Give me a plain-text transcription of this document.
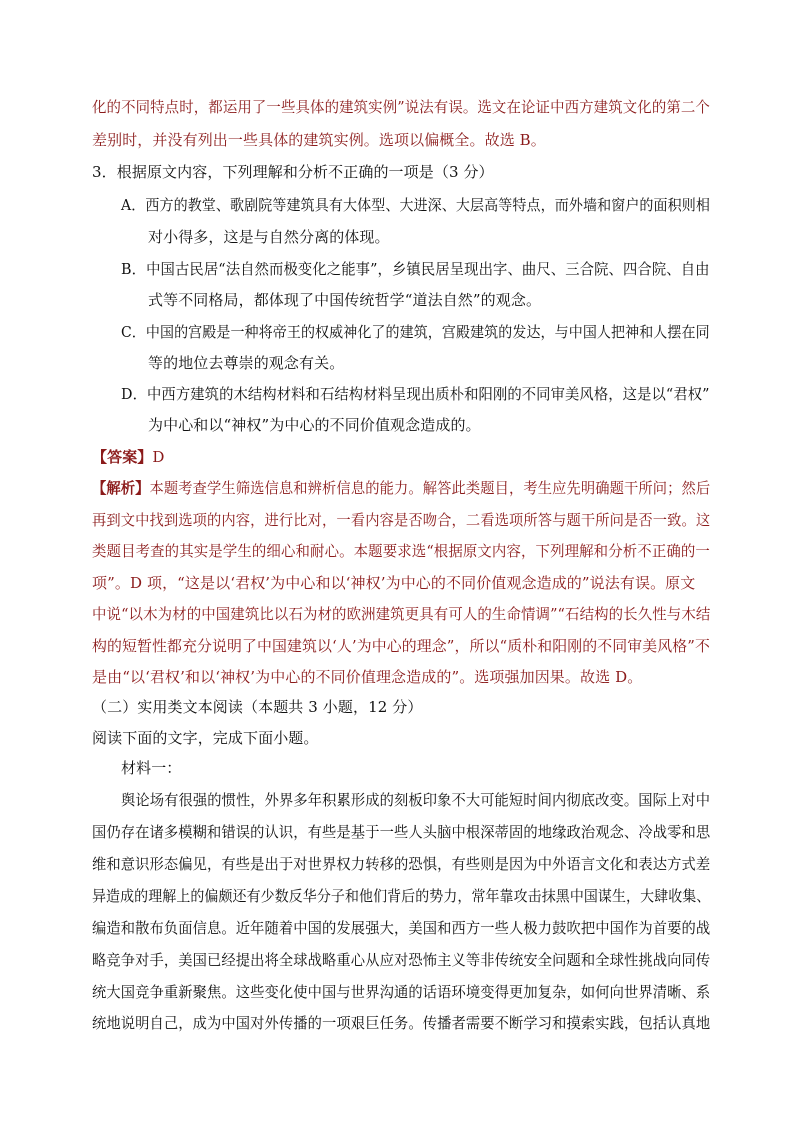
化的不同特点时，都运用了一些具体的建筑实例”说法有误。选文在论证中西方建筑文化的第二个
差别时，并没有列出一些具体的建筑实例。选项以偏概全。故选 B。
3．根据原文内容，下列理解和分析不正确的一项是（3 分）
A．西方的教堂、歌剧院等建筑具有大体型、大进深、大层高等特点，而外墙和窗户的面积则相
对小得多，这是与自然分离的体现。
B．中国古民居“法自然而极变化之能事”，乡镇民居呈现出字、曲尺、三合院、四合院、自由
式等不同格局，都体现了中国传统哲学“道法自然”的观念。
C．中国的宫殿是一种将帝王的权威神化了的建筑，宫殿建筑的发达，与中国人把神和人摆在同
等的地位去尊崇的观念有关。
D．中西方建筑的木结构材料和石结构材料呈现出质朴和阳刚的不同审美风格，这是以“君权”
为中心和以“神权”为中心的不同价值观念造成的。
【答案】D
【解析】本题考查学生筛选信息和辨析信息的能力。解答此类题目，考生应先明确题干所问；然后
再到文中找到选项的内容，进行比对，一看内容是否吻合，二看选项所答与题干所问是否一致。这
类题目考查的其实是学生的细心和耐心。本题要求选“根据原文内容，下列理解和分析不正确的一
项”。D 项，“这是以‘君权’为中心和以‘神权’为中心的不同价值观念造成的”说法有误。原文
中说“以木为材的中国建筑比以石为材的欧洲建筑更具有可人的生命情调”“石结构的长久性与木结
构的短暂性都充分说明了中国建筑以‘人’为中心的理念”，所以“质朴和阳刚的不同审美风格”不
是由“以‘君权’和以‘神权’为中心的不同价值理念造成的”。选项强加因果。故选 D。
（二）实用类文本阅读（本题共 3 小题，12 分）
阅读下面的文字，完成下面小题。
材料一：
舆论场有很强的惯性，外界多年积累形成的刻板印象不大可能短时间内彻底改变。国际上对中
国仍存在诸多模糊和错误的认识，有些是基于一些人头脑中根深蒂固的地缘政治观念、冷战零和思
维和意识形态偏见，有些是出于对世界权力转移的恐惧，有些则是因为中外语言文化和表达方式差
异造成的理解上的偏颇还有少数反华分子和他们背后的势力，常年靠攻击抹黑中国谋生，大肆收集、
编造和散布负面信息。近年随着中国的发展强大，美国和西方一些人极力鼓吹把中国作为首要的战
略竞争对手，美国已经提出将全球战略重心从应对恐怖主义等非传统安全问题和全球性挑战向同传
统大国竞争重新聚焦。这些变化使中国与世界沟通的话语环境变得更加复杂，如何向世界清晰、系
统地说明自己，成为中国对外传播的一项艰巨任务。传播者需要不断学习和摸索实践，包括认真地
